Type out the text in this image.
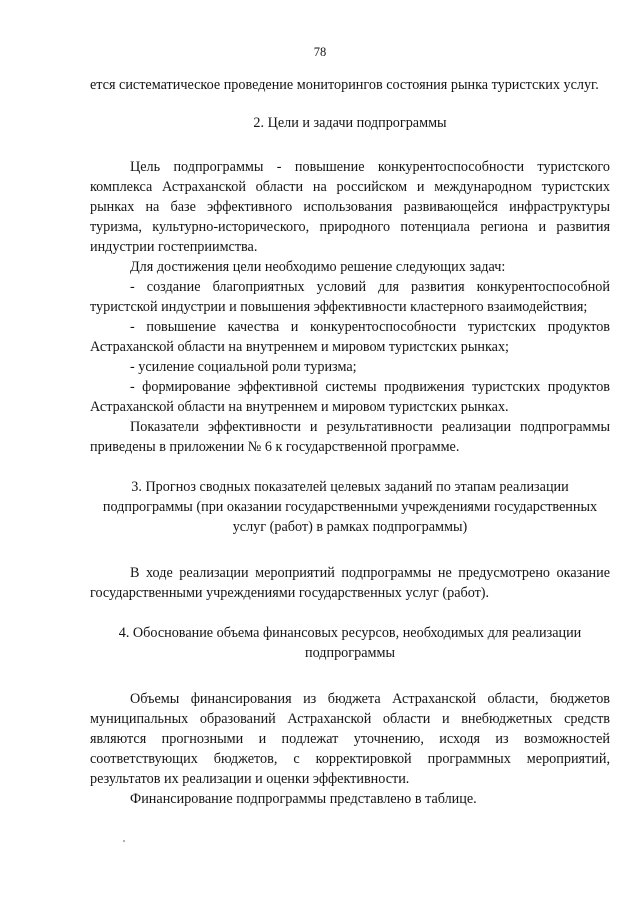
78

ется систематическое проведение мониторингов состояния рынка туристских услуг.

2. Цели и задачи подпрограммы

Цель подпрограммы - повышение конкурентоспособности туристского комплекса Астраханской области на российском и международном туристских рынках на базе эффективного использования развивающейся инфраструктуры туризма, культурно-исторического, природного потенциала региона и развития индустрии гостеприимства.

Для достижения цели необходимо решение следующих задач:

- создание благоприятных условий для развития конкурентоспособной туристской индустрии и повышения эффективности кластерного взаимодействия;

- повышение качества и конкурентоспособности туристских продуктов Астраханской области на внутреннем и мировом туристских рынках;

- усиление социальной роли туризма;

- формирование эффективной системы продвижения туристских продуктов Астраханской области на внутреннем и мировом туристских рынках.

Показатели эффективности и результативности реализации подпрограммы приведены в приложении № 6 к государственной программе.

3. Прогноз сводных показателей целевых заданий по этапам реализации подпрограммы (при оказании государственными учреждениями государственных услуг (работ) в рамках подпрограммы)

В ходе реализации мероприятий подпрограммы не предусмотрено оказание государственными учреждениями государственных услуг (работ).

4. Обоснование объема финансовых ресурсов, необходимых для реализации подпрограммы

Объемы финансирования из бюджета Астраханской области, бюджетов муниципальных образований Астраханской области и внебюджетных средств являются прогнозными и подлежат уточнению, исходя из возможностей соответствующих бюджетов, с корректировкой программных мероприятий, результатов их реализации и оценки эффективности.

Финансирование подпрограммы представлено в таблице.
